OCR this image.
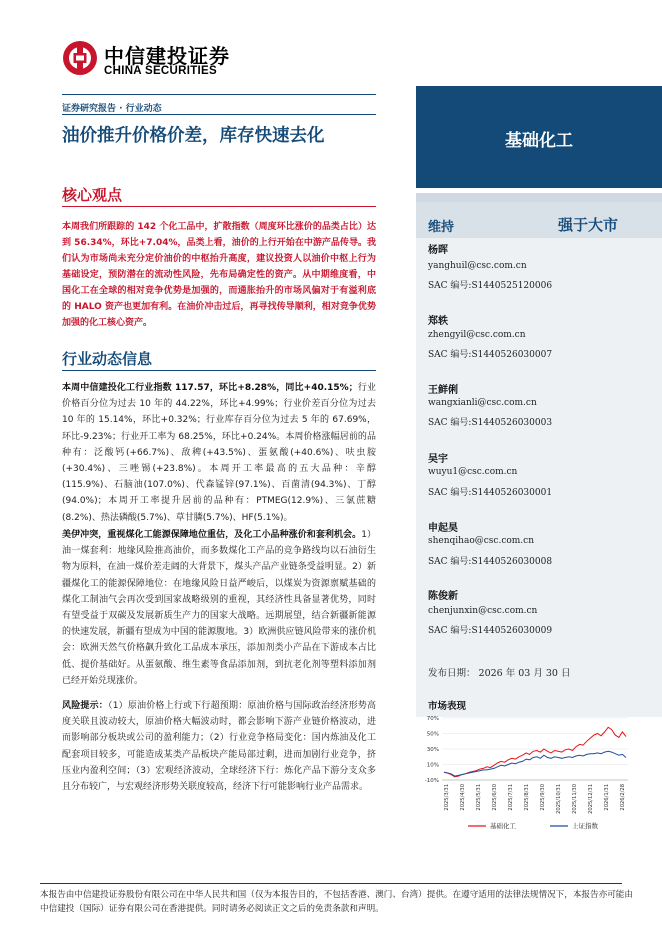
中信建投证券
CHINA SECURITIES
证券研究报告 · 行业动态
油价推升价格价差，库存快速去化	基础化工
维持	强于大市
杨晖
yanghuil@csc.com.cn
SAC 编号:S1440525120006
郑轶
zhengyil@csc.com.cn
SAC 编号:S1440526030007
王鲜俐
wangxianli@csc.com.cn
SAC 编号:S1440526030003
吴宇
wuyu1@csc.com.cn
SAC 编号:S1440526030001
申起昊
shenqihao@csc.com.cn
SAC 编号:S1440526030008
陈俊新
chenjunxin@csc.com.cn
SAC 编号:S1440526030009
发布日期： 2026 年 03 月 30 日
市场表现
70%
50%
30%
10%
-10%
2025/3/31 2025/4/30 2025/5/31 2025/6/30 2025/7/31 2025/8/31 2025/9/30 2025/10/31 2025/11/30 2025/12/31 2026/1/31 2026/2/28
基础化工	上证指数
核心观点
本周我们所跟踪的 142 个化工品中，扩散指数（周度环比涨价的品类占比）达到 56.34%，环比+7.04%，品类上看，油价的上行开始在中游产品传导。我们认为市场尚未充分定价油价的中枢抬升高度，建议投资人以油价中枢上行为基础设定，预防潜在的流动性风险，先布局确定性的资产。从中期维度看，中国化工在全球的相对竞争优势是加强的，而通胀抬升的市场风偏对于有溢利底的 HALO 资产也更加有利。在油价冲击过后，再寻找传导顺利，相对竞争优势加强的化工核心资产。
行业动态信息
本周中信建投化工行业指数 117.57，环比+8.28%，同比+40.15%；行业价格百分位为过去 10 年的 44.22%，环比+4.99%；行业价差百分位为过去 10 年的 15.14%，环比+0.32%；行业库存百分位为过去 5 年的 67.69%，环比-9.23%；行业开工率为 68.25%，环比+0.24%。本周价格涨幅居前的品种有：泛酸钙(+66.7%)、敌稗(+43.5%)、蛋氨酸(+40.6%)、呋虫胺(+30.4%)、三唑锡(+23.8%)。本周开工率最高的五大品种：辛醇(115.9%)、石脑油(107.0%)、代森锰锌(97.1%)、百菌清(94.3%)、丁醇(94.0%)；本周开工率提升居前的品种有：PTMEG(12.9%)、三氯蔗糖(8.2%)、热法磷酸(5.7%)、草甘膦(5.7%)、HF(5.1%)。
美伊冲突，重视煤化工能源保障地位重估，及化工小品种涨价和套利机会。1）油一煤套利：地缘风险推高油价，而多数煤化工产品的竞争路线均以石油衍生物为原料，在油一煤价差走阔的大背景下，煤头产品产业链条受益明显。2）新疆煤化工的能源保障地位：在地缘风险日益严峻后，以煤炭为资源禀赋基础的煤化工制油气会再次受到国家战略级别的重视，其经济性具备显著优势，同时有望受益于双碳及发展新质生产力的国家大战略。远期展望，结合新疆新能源的快速发展，新疆有望成为中国的能源腹地。3）欧洲供应链风险带来的涨价机会：欧洲天然气价格飙升致化工品成本承压，添加剂类小产品在下游成本占比低、提价基础好。从蛋氨酸、维生素等食品添加剂，到抗老化剂等塑料添加剂已经开始兑现涨价。
风险提示：（1）原油价格上行或下行超预期：原油价格与国际政治经济形势高度关联且波动较大，原油价格大幅波动时，都会影响下游产业链价格波动，进而影响部分板块或公司的盈利能力；（2）行业竞争格局变化：国内炼油及化工配套项目较多，可能造成某类产品板块产能局部过剩，进而加剧行业竞争，挤压业内盈利空间；（3）宏观经济波动，全球经济下行：炼化产品下游分支众多且分布较广，与宏观经济形势关联度较高，经济下行可能影响行业产品需求。
本报告由中信建投证券股份有限公司在中华人民共和国（仅为本报告目的，不包括香港、澳门、台湾）提供。在遵守适用的法律法规情况下，本报告亦可能由中信建投（国际）证券有限公司在香港提供。同时请务必阅读正文之后的免责条款和声明。
